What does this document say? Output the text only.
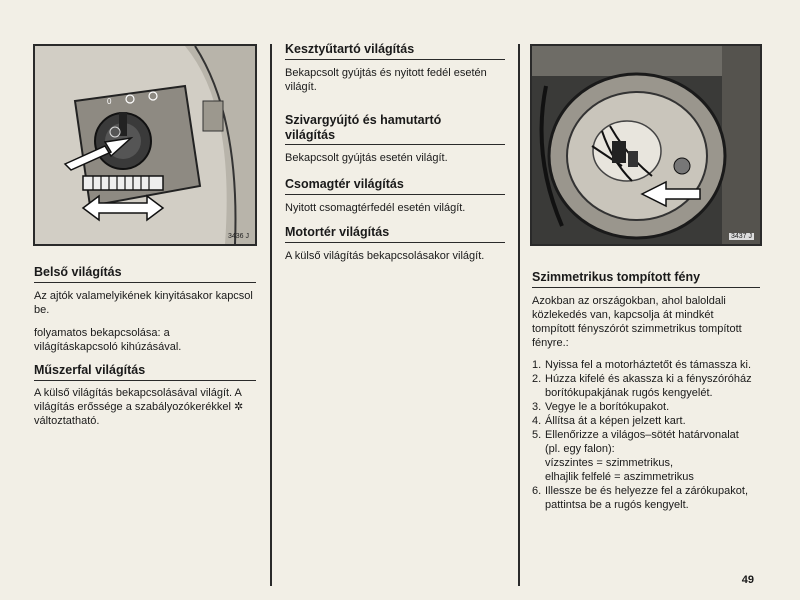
0
3436 J
Belső világítás

Az ajtók valamelyikének kinyitásakor kapcsol be.

folyamatos bekapcsolása: a világításkapcsoló kihúzásával.

Műszerfal világítás

A külső világítás bekapcsolásával világít. A világítás erőssége a szabályozókerékkel ✲ változtatható.

Kesztyűtartó világítás

Bekapcsolt gyújtás és nyitott fedél esetén világít.

Szivargyújtó és hamutartó világítás

Bekapcsolt gyújtás esetén világít.

Csomagtér világítás

Nyitott csomagtérfedél esetén világít.

Motortér világítás

A külső világítás bekapcsolásakor világít.

3437 J
Szimmetrikus tompított fény

Azokban az országokban, ahol baloldali közlekedés van, kapcsolja át mindkét tompított fényszórót szimmetrikus tompított fényre.:

1. Nyissa fel a motorháztetőt és támassza ki.
2. Húzza kifelé és akassza ki a fényszóróház borítókupakjának rugós kengyelét.
3. Vegye le a borítókupakot.
4. Állítsa át a képen jelzett kart.
5. Ellenőrizze a világos–sötét határvonalat (pl. egy falon):
vízszintes = szimmetrikus,
elhajlik felfelé = aszimmetrikus
6. Illessze be és helyezze fel a zárókupakot, pattintsa be a rugós kengyelt.
49
